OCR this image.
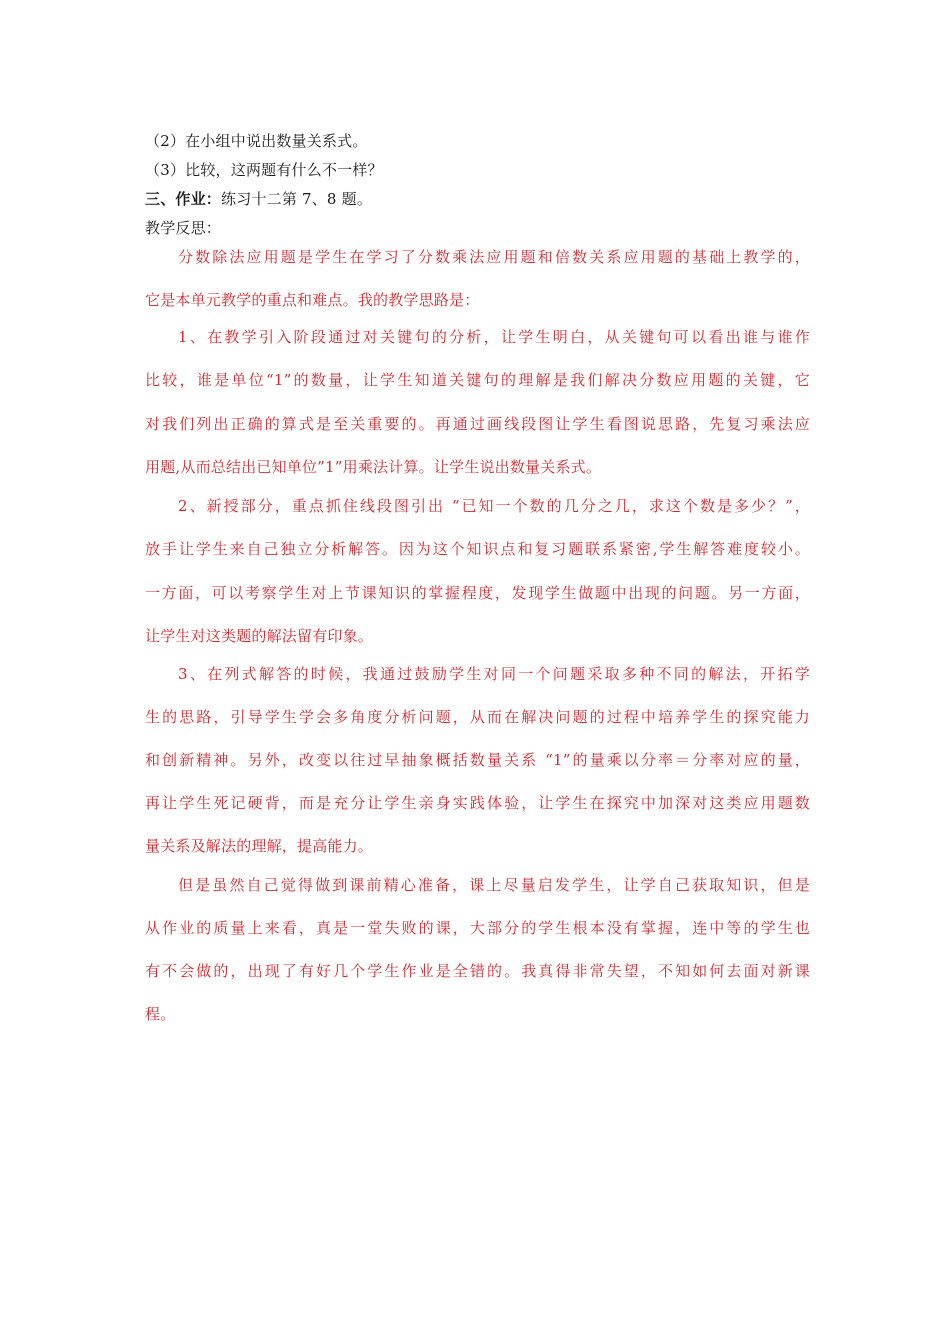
（2）在小组中说出数量关系式。
（3）比较，这两题有什么不一样？
三、作业：练习十二第 7、8 题。
教学反思：
分数除法应用题是学生在学习了分数乘法应用题和倍数关系应用题的基础上教学的，
它是本单元教学的重点和难点。我的教学思路是：
1、在教学引入阶段通过对关键句的分析，让学生明白，从关键句可以看出谁与谁作
比较，谁是单位“1”的数量，让学生知道关键句的理解是我们解决分数应用题的关键，它
对我们列出正确的算式是至关重要的。再通过画线段图让学生看图说思路，先复习乘法应
用题,从而总结出已知单位”1”用乘法计算。让学生说出数量关系式。
2、新授部分，重点抓住线段图引出 “已知一个数的几分之几，求这个数是多少？”，
放手让学生来自己独立分析解答。因为这个知识点和复习题联系紧密,学生解答难度较小。
一方面，可以考察学生对上节课知识的掌握程度，发现学生做题中出现的问题。另一方面，
让学生对这类题的解法留有印象。
3、在列式解答的时候，我通过鼓励学生对同一个问题采取多种不同的解法，开拓学
生的思路，引导学生学会多角度分析问题，从而在解决问题的过程中培养学生的探究能力
和创新精神。另外，改变以往过早抽象概括数量关系 “1”的量乘以分率＝分率对应的量，
再让学生死记硬背，而是充分让学生亲身实践体验，让学生在探究中加深对这类应用题数
量关系及解法的理解，提高能力。
但是虽然自己觉得做到课前精心准备，课上尽量启发学生，让学自己获取知识，但是
从作业的质量上来看，真是一堂失败的课，大部分的学生根本没有掌握，连中等的学生也
有不会做的，出现了有好几个学生作业是全错的。我真得非常失望，不知如何去面对新课
程。
